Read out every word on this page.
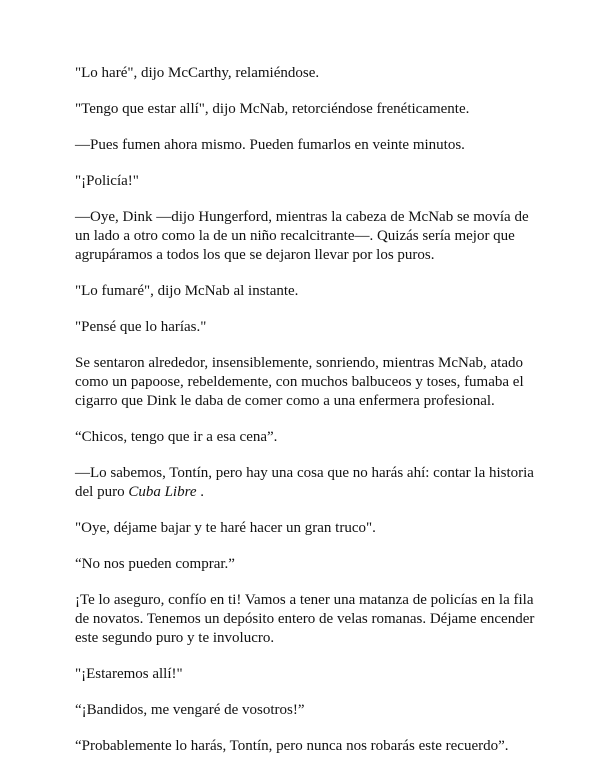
"Lo haré", dijo McCarthy, relamiéndose.

"Tengo que estar allí", dijo McNab, retorciéndose frenéticamente.

—Pues fumen ahora mismo. Pueden fumarlos en veinte minutos.

"¡Policía!"

—Oye, Dink —dijo Hungerford, mientras la cabeza de McNab se movía de un lado a otro como la de un niño recalcitrante—. Quizás sería mejor que agrupáramos a todos los que se dejaron llevar por los puros.

"Lo fumaré", dijo McNab al instante.

"Pensé que lo harías."

Se sentaron alrededor, insensiblemente, sonriendo, mientras McNab, atado como un papoose, rebeldemente, con muchos balbuceos y toses, fumaba el cigarro que Dink le daba de comer como a una enfermera profesional.

“Chicos, tengo que ir a esa cena”.

—Lo sabemos, Tontín, pero hay una cosa que no harás ahí: contar la historia del puro Cuba Libre .

"Oye, déjame bajar y te haré hacer un gran truco".

“No nos pueden comprar.”

¡Te lo aseguro, confío en ti! Vamos a tener una matanza de policías en la fila de novatos. Tenemos un depósito entero de velas romanas. Déjame encender este segundo puro y te involucro.

"¡Estaremos allí!"

“¡Bandidos, me vengaré de vosotros!”

“Probablemente lo harás, Tontín, pero nunca nos robarás este recuerdo”.
